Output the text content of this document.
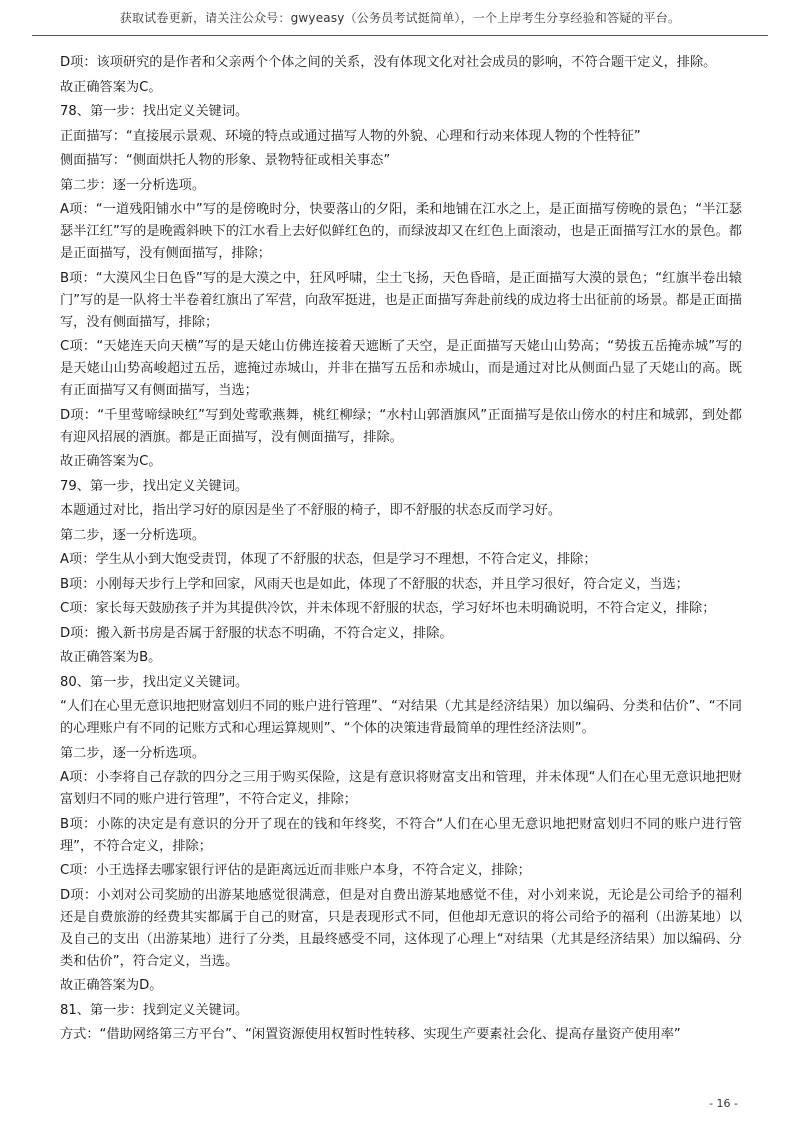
获取试卷更新，请关注公众号：gwyeasy（公务员考试挺简单），一个上岸考生分享经验和答疑的平台。

D项：该项研究的是作者和父亲两个个体之间的关系，没有体现文化对社会成员的影响，不符合题干定义，排除。

故正确答案为C。

78、第一步：找出定义关键词。

正面描写：“直接展示景观、环境的特点或通过描写人物的外貌、心理和行动来体现人物的个性特征”

侧面描写：“侧面烘托人物的形象、景物特征或相关事态”

第二步：逐一分析选项。

A项：“一道残阳铺水中”写的是傍晚时分，快要落山的夕阳，柔和地铺在江水之上，是正面描写傍晚的景色；“半江瑟瑟半江红”写的是晚霞斜映下的江水看上去好似鲜红色的，而绿波却又在红色上面滚动，也是正面描写江水的景色。都是正面描写，没有侧面描写，排除；

B项：“大漠风尘日色昏”写的是大漠之中，狂风呼啸，尘土飞扬，天色昏暗，是正面描写大漠的景色；“红旗半卷出辕门”写的是一队将士半卷着红旗出了军营，向敌军挺进，也是正面描写奔赴前线的成边将士出征前的场景。都是正面描写，没有侧面描写，排除；

C项：“天姥连天向天横”写的是天姥山仿佛连接着天遮断了天空，是正面描写天姥山山势高；“势拔五岳掩赤城”写的是天姥山山势高峻超过五岳，遮掩过赤城山，并非在描写五岳和赤城山，而是通过对比从侧面凸显了天姥山的高。既有正面描写又有侧面描写，当选；

D项：“千里莺啼绿映红”写到处莺歌燕舞，桃红柳绿；“水村山郭酒旗风”正面描写是依山傍水的村庄和城郭，到处都有迎风招展的酒旗。都是正面描写，没有侧面描写，排除。

故正确答案为C。

79、第一步，找出定义关键词。

本题通过对比，指出学习好的原因是坐了不舒服的椅子，即不舒服的状态反而学习好。

第二步，逐一分析选项。

A项：学生从小到大饱受责罚，体现了不舒服的状态，但是学习不理想，不符合定义，排除；

B项：小刚每天步行上学和回家，风雨天也是如此，体现了不舒服的状态，并且学习很好，符合定义，当选；

C项：家长每天鼓励孩子并为其提供冷饮，并未体现不舒服的状态，学习好坏也未明确说明，不符合定义，排除；

D项：搬入新书房是否属于舒服的状态不明确，不符合定义，排除。

故正确答案为B。

80、第一步，找出定义关键词。

“人们在心里无意识地把财富划归不同的账户进行管理”、“对结果（尤其是经济结果）加以编码、分类和估价”、“不同的心理账户有不同的记账方式和心理运算规则”、“个体的决策违背最简单的理性经济法则”。

第二步，逐一分析选项。

A项：小李将自己存款的四分之三用于购买保险，这是有意识将财富支出和管理，并未体现“人们在心里无意识地把财富划归不同的账户进行管理”，不符合定义，排除；

B项：小陈的决定是有意识的分开了现在的钱和年终奖，不符合“人们在心里无意识地把财富划归不同的账户进行管理”，不符合定义，排除；

C项：小王选择去哪家银行评估的是距离远近而非账户本身，不符合定义，排除；

D项：小刘对公司奖励的出游某地感觉很满意，但是对自费出游某地感觉不佳，对小刘来说，无论是公司给予的福利还是自费旅游的经费其实都属于自己的财富，只是表现形式不同，但他却无意识的将公司给予的福利（出游某地）以及自己的支出（出游某地）进行了分类，且最终感受不同，这体现了心理上“对结果（尤其是经济结果）加以编码、分类和估价”，符合定义，当选。

故正确答案为D。

81、第一步：找到定义关键词。

方式：“借助网络第三方平台”、“闲置资源使用权暂时性转移、实现生产要素社会化、提高存量资产使用率”

- 16 -
